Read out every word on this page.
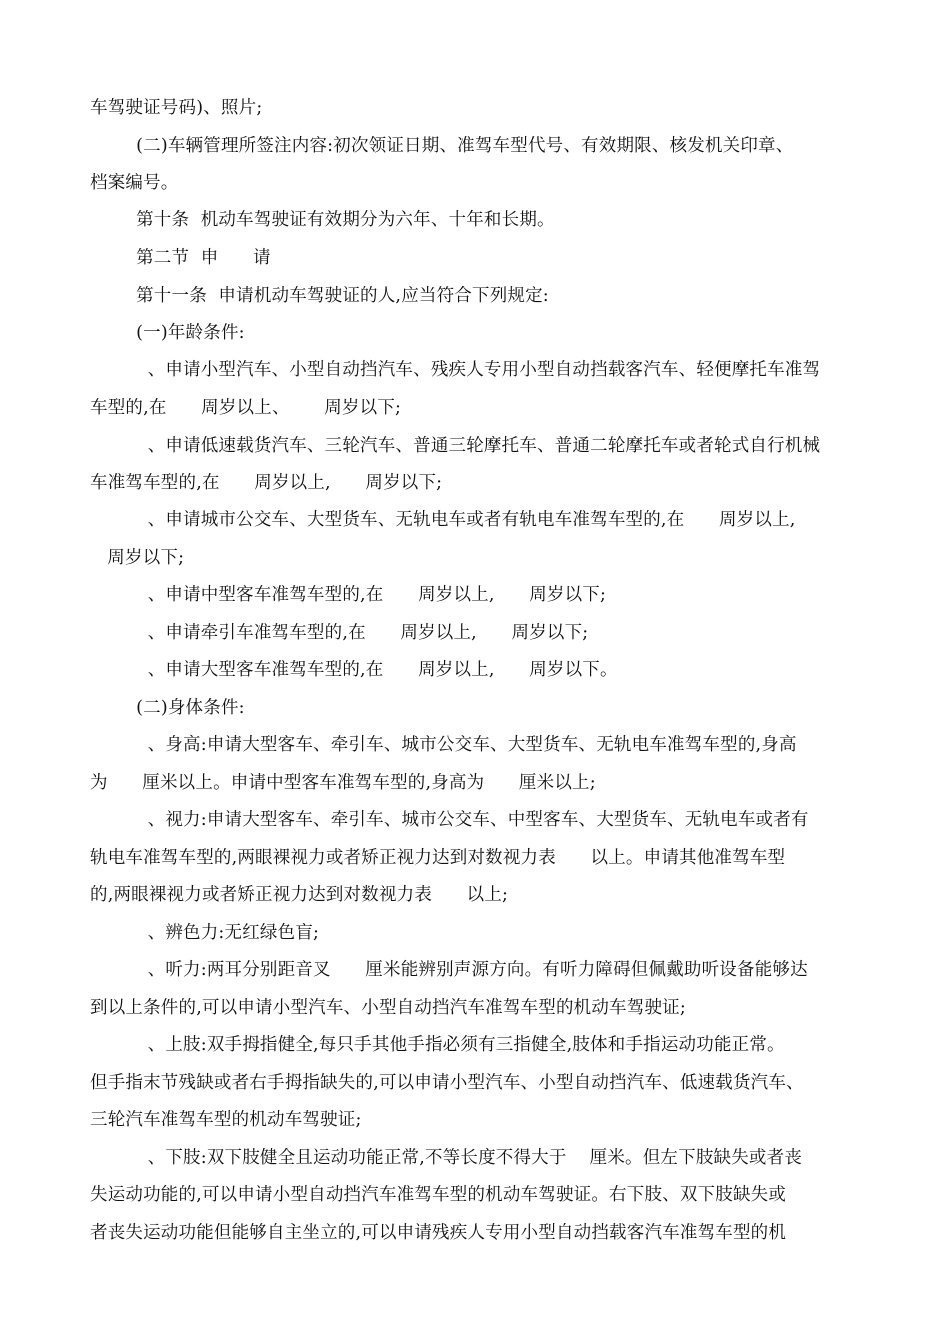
车驾驶证号码)、照片;
(二)车辆管理所签注内容:初次领证日期、准驾车型代号、有效期限、核发机关印章、
档案编号。
第十条  机动车驾驶证有效期分为六年、十年和长期。
第二节  申      请
第十一条  申请机动车驾驶证的人,应当符合下列规定:
(一)年龄条件:
、申请小型汽车、小型自动挡汽车、残疾人专用小型自动挡载客汽车、轻便摩托车准驾
车型的,在      周岁以上、      周岁以下;
、申请低速载货汽车、三轮汽车、普通三轮摩托车、普通二轮摩托车或者轮式自行机械
车准驾车型的,在      周岁以上,      周岁以下;
、申请城市公交车、大型货车、无轨电车或者有轨电车准驾车型的,在      周岁以上,
周岁以下;
、申请中型客车准驾车型的,在      周岁以上,      周岁以下;
、申请牵引车准驾车型的,在      周岁以上,      周岁以下;
、申请大型客车准驾车型的,在      周岁以上,      周岁以下。
(二)身体条件:
、身高:申请大型客车、牵引车、城市公交车、大型货车、无轨电车准驾车型的,身高
为      厘米以上。申请中型客车准驾车型的,身高为      厘米以上;
、视力:申请大型客车、牵引车、城市公交车、中型客车、大型货车、无轨电车或者有
轨电车准驾车型的,两眼裸视力或者矫正视力达到对数视力表      以上。申请其他准驾车型
的,两眼裸视力或者矫正视力达到对数视力表      以上;
、辨色力:无红绿色盲;
、听力:两耳分别距音叉      厘米能辨别声源方向。有听力障碍但佩戴助听设备能够达
到以上条件的,可以申请小型汽车、小型自动挡汽车准驾车型的机动车驾驶证;
、上肢:双手拇指健全,每只手其他手指必须有三指健全,肢体和手指运动功能正常。
但手指末节残缺或者右手拇指缺失的,可以申请小型汽车、小型自动挡汽车、低速载货汽车、
三轮汽车准驾车型的机动车驾驶证;
、下肢:双下肢健全且运动功能正常,不等长度不得大于    厘米。但左下肢缺失或者丧
失运动功能的,可以申请小型自动挡汽车准驾车型的机动车驾驶证。右下肢、双下肢缺失或
者丧失运动功能但能够自主坐立的,可以申请残疾人专用小型自动挡载客汽车准驾车型的机
